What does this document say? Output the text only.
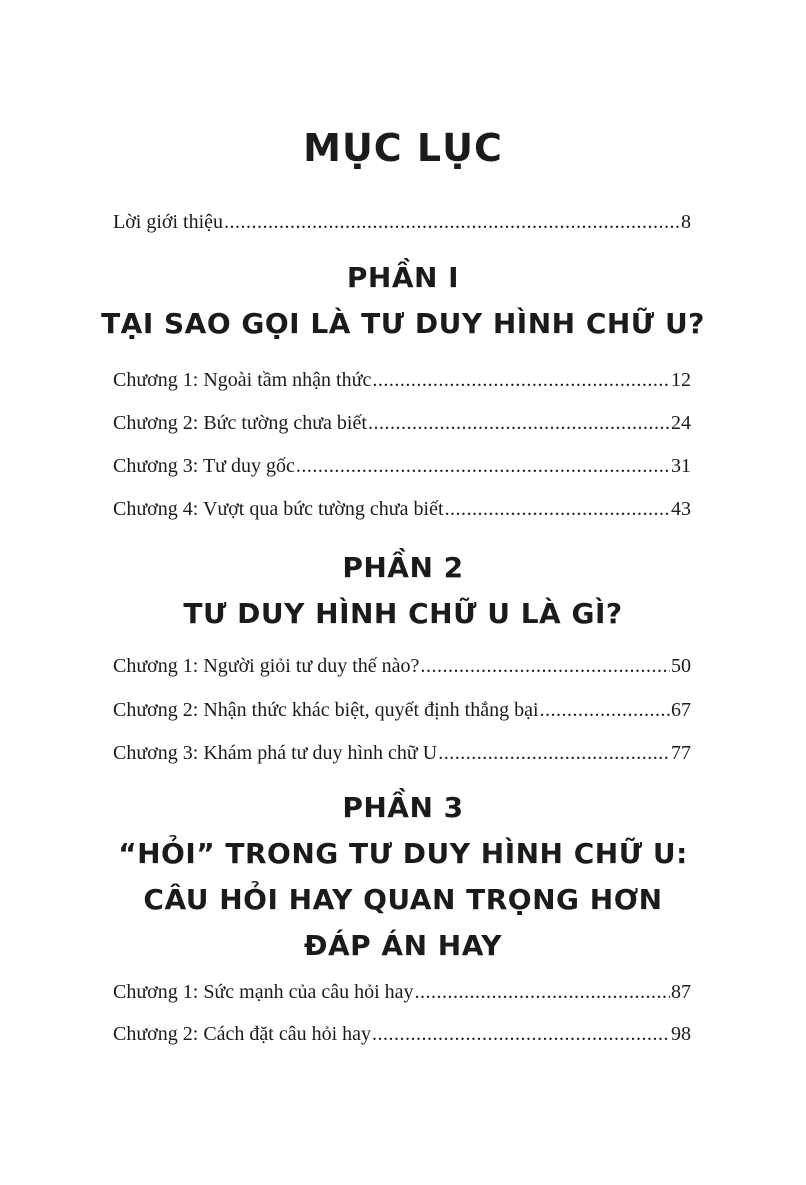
MỤC LỤC
Lời giới thiệu .....	8
PHẦN I
TẠI SAO GỌI LÀ TƯ DUY HÌNH CHỮ U?
Chương 1: Ngoài tầm nhận thức .....	12
Chương 2: Bức tường chưa biết .....	24
Chương 3: Tư duy gốc .....	31
Chương 4: Vượt qua bức tường chưa biết .....	43
PHẦN 2
TƯ DUY HÌNH CHỮ U LÀ GÌ?
Chương 1: Người giỏi tư duy thế nào? .....	50
Chương 2: Nhận thức khác biệt, quyết định thắng bại .....	67
Chương 3: Khám phá tư duy hình chữ U .....	77
PHẦN 3
“HỎI” TRONG TƯ DUY HÌNH CHỮ U:
CÂU HỎI HAY QUAN TRỌNG HƠN
ĐÁP ÁN HAY
Chương 1: Sức mạnh của câu hỏi hay .....	87
Chương 2: Cách đặt câu hỏi hay .....	98
